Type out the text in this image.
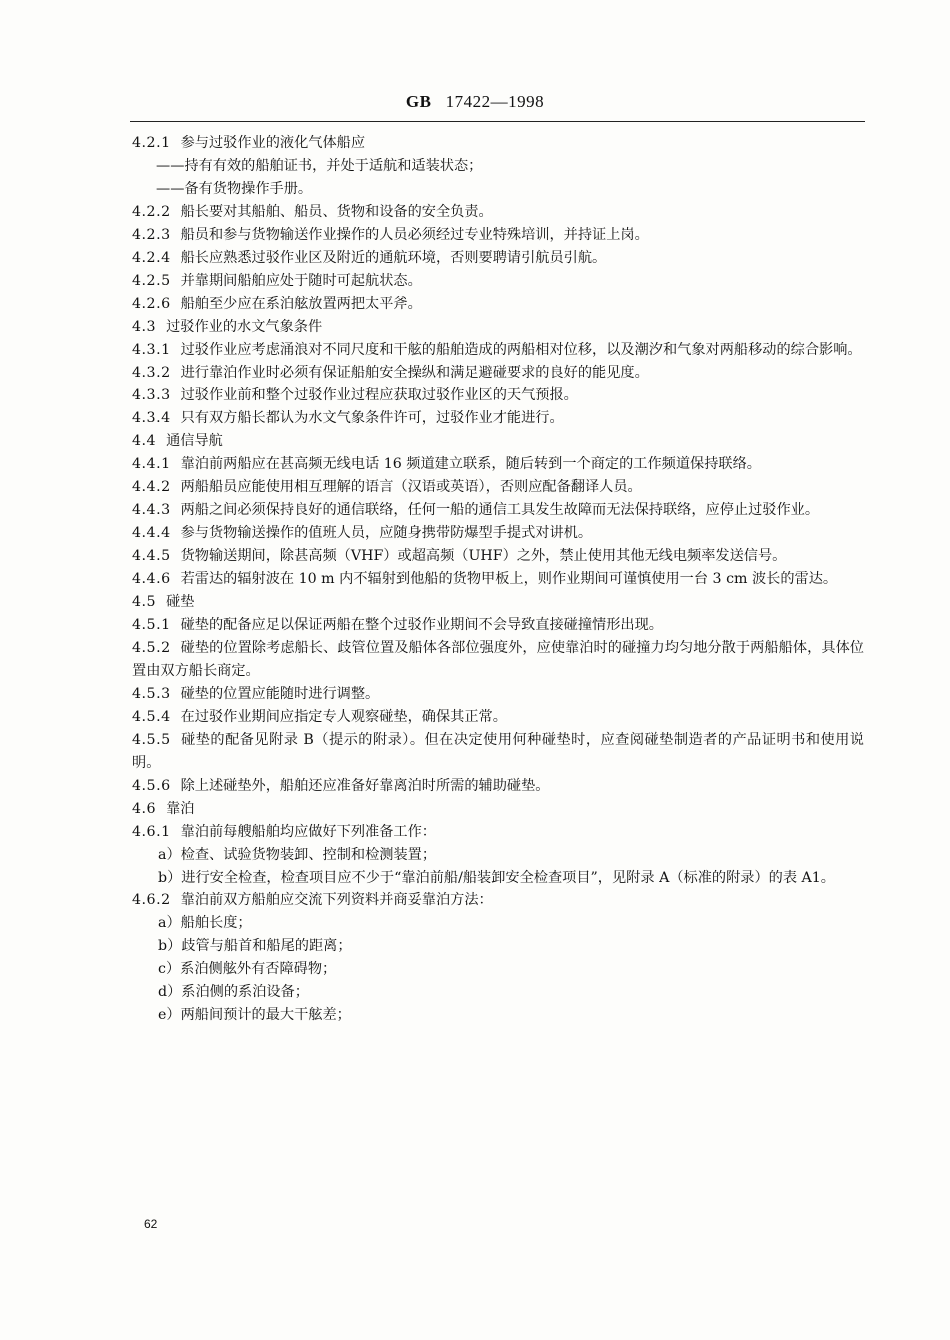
GB 17422—1998
4.2.1 参与过驳作业的液化气体船应
——持有有效的船舶证书，并处于适航和适装状态；
——备有货物操作手册。
4.2.2 船长要对其船舶、船员、货物和设备的安全负责。
4.2.3 船员和参与货物输送作业操作的人员必须经过专业特殊培训，并持证上岗。
4.2.4 船长应熟悉过驳作业区及附近的通航环境，否则要聘请引航员引航。
4.2.5 并靠期间船舶应处于随时可起航状态。
4.2.6 船舶至少应在系泊舷放置两把太平斧。
4.3 过驳作业的水文气象条件
4.3.1 过驳作业应考虑涌浪对不同尺度和干舷的船舶造成的两船相对位移，以及潮汐和气象对两船移动的综合影响。
4.3.2 进行靠泊作业时必须有保证船舶安全操纵和满足避碰要求的良好的能见度。
4.3.3 过驳作业前和整个过驳作业过程应获取过驳作业区的天气预报。
4.3.4 只有双方船长都认为水文气象条件许可，过驳作业才能进行。
4.4 通信导航
4.4.1 靠泊前两船应在甚高频无线电话 16 频道建立联系，随后转到一个商定的工作频道保持联络。
4.4.2 两船船员应能使用相互理解的语言（汉语或英语），否则应配备翻译人员。
4.4.3 两船之间必须保持良好的通信联络，任何一船的通信工具发生故障而无法保持联络，应停止过驳作业。
4.4.4 参与货物输送操作的值班人员，应随身携带防爆型手提式对讲机。
4.4.5 货物输送期间，除甚高频（VHF）或超高频（UHF）之外，禁止使用其他无线电频率发送信号。
4.4.6 若雷达的辐射波在 10 m 内不辐射到他船的货物甲板上，则作业期间可谨慎使用一台 3 cm 波长的雷达。
4.5 碰垫
4.5.1 碰垫的配备应足以保证两船在整个过驳作业期间不会导致直接碰撞情形出现。
4.5.2 碰垫的位置除考虑船长、歧管位置及船体各部位强度外，应使靠泊时的碰撞力均匀地分散于两船船体，具体位置由双方船长商定。
4.5.3 碰垫的位置应能随时进行调整。
4.5.4 在过驳作业期间应指定专人观察碰垫，确保其正常。
4.5.5 碰垫的配备见附录 B（提示的附录）。但在决定使用何种碰垫时，应查阅碰垫制造者的产品证明书和使用说明。
4.5.6 除上述碰垫外，船舶还应准备好靠离泊时所需的辅助碰垫。
4.6 靠泊
4.6.1 靠泊前每艘船舶均应做好下列准备工作：
a）检查、试验货物装卸、控制和检测装置；
b）进行安全检查，检查项目应不少于“靠泊前船/船装卸安全检查项目”，见附录 A（标准的附录）的表 A1。
4.6.2 靠泊前双方船舶应交流下列资料并商妥靠泊方法：
a）船舶长度；
b）歧管与船首和船尾的距离；
c）系泊侧舷外有否障碍物；
d）系泊侧的系泊设备；
e）两船间预计的最大干舷差；
62
